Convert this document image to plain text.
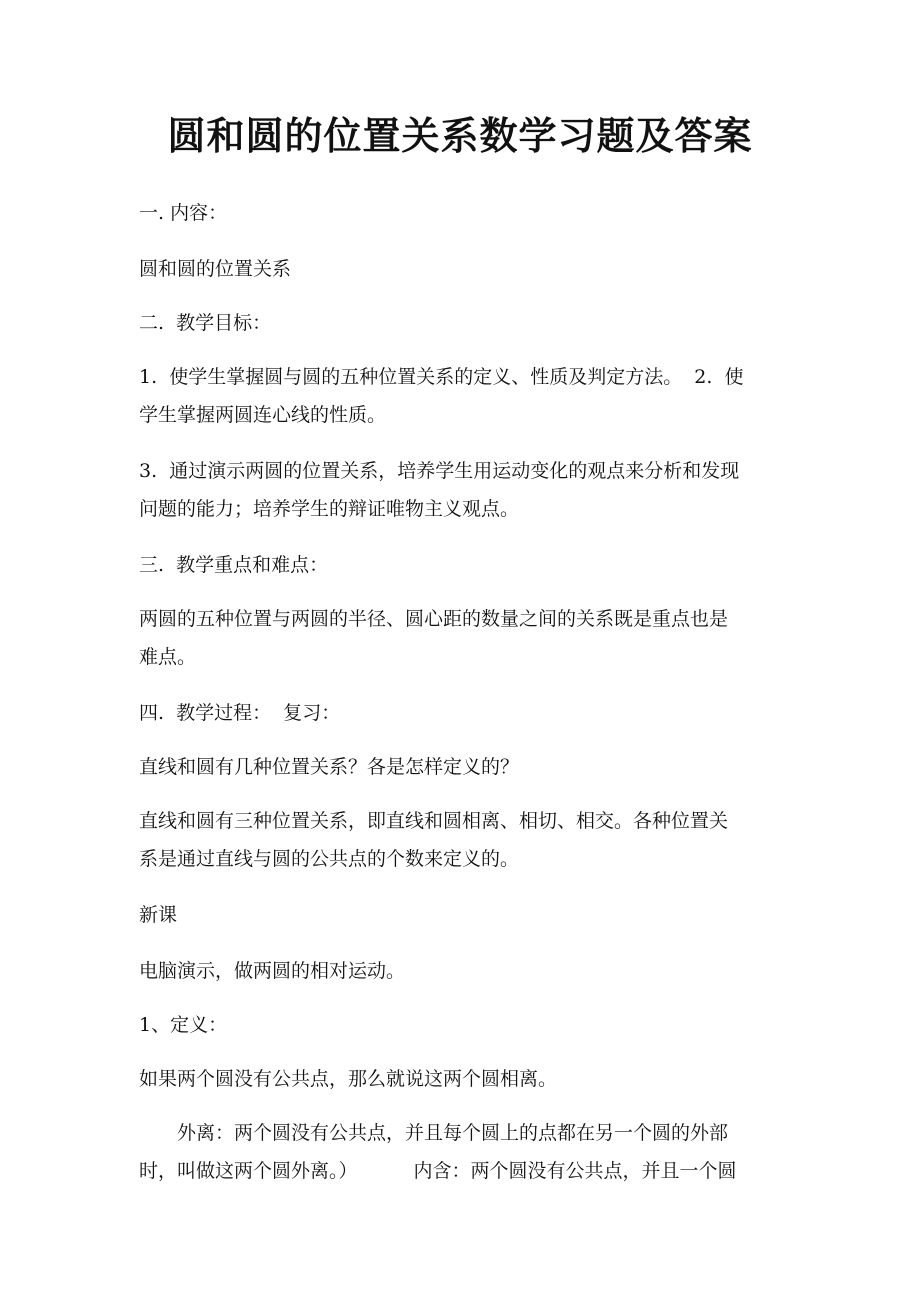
圆和圆的位置关系数学习题及答案

一. 内容：

圆和圆的位置关系

二.  教学目标：

1.  使学生掌握圆与圆的五种位置关系的定义、性质及判定方法。  2.  使
学生掌握两圆连心线的性质。

3.  通过演示两圆的位置关系，培养学生用运动变化的观点来分析和发现
问题的能力；培养学生的辩证唯物主义观点。

三.  教学重点和难点：

两圆的五种位置与两圆的半径、圆心距的数量之间的关系既是重点也是
难点。

四.  教学过程：  复习：

直线和圆有几种位置关系？各是怎样定义的？

直线和圆有三种位置关系，即直线和圆相离、相切、相交。各种位置关
系是通过直线与圆的公共点的个数来定义的。

新课

电脑演示，做两圆的相对运动。

1、定义：

如果两个圆没有公共点，那么就说这两个圆相离。

外离：两个圆没有公共点，并且每个圆上的点都在另一个圆的外部
时，叫做这两个圆外离。）	内含：两个圆没有公共点，并且一个圆
